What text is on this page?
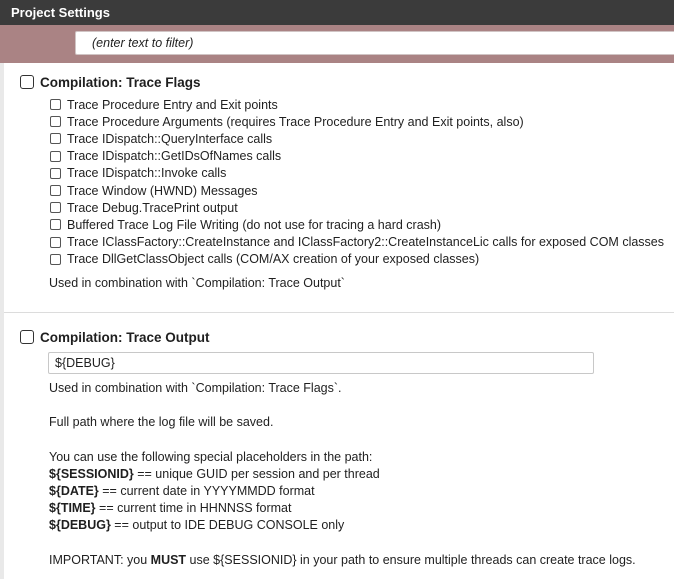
Project Settings
(enter text to filter)
Compilation: Trace Flags
Trace Procedure Entry and Exit points
Trace Procedure Arguments (requires Trace Procedure Entry and Exit points, also)
Trace IDispatch::QueryInterface calls
Trace IDispatch::GetIDsOfNames calls
Trace IDispatch::Invoke calls
Trace Window (HWND) Messages
Trace Debug.TracePrint output
Buffered Trace Log File Writing (do not use for tracing a hard crash)
Trace IClassFactory::CreateInstance and IClassFactory2::CreateInstanceLic calls for exposed COM classes
Trace DllGetClassObject calls (COM/AX creation of your exposed classes)
Used in combination with `Compilation: Trace Output`
Compilation: Trace Output
${DEBUG}
Used in combination with `Compilation: Trace Flags`.
Full path where the log file will be saved.
You can use the following special placeholders in the path:
${SESSIONID} == unique GUID per session and per thread
${DATE} == current date in YYYYMMDD format
${TIME} == current time in HHNNSS format
${DEBUG} == output to IDE DEBUG CONSOLE only
IMPORTANT: you MUST use ${SESSIONID} in your path to ensure multiple threads can create trace logs.
